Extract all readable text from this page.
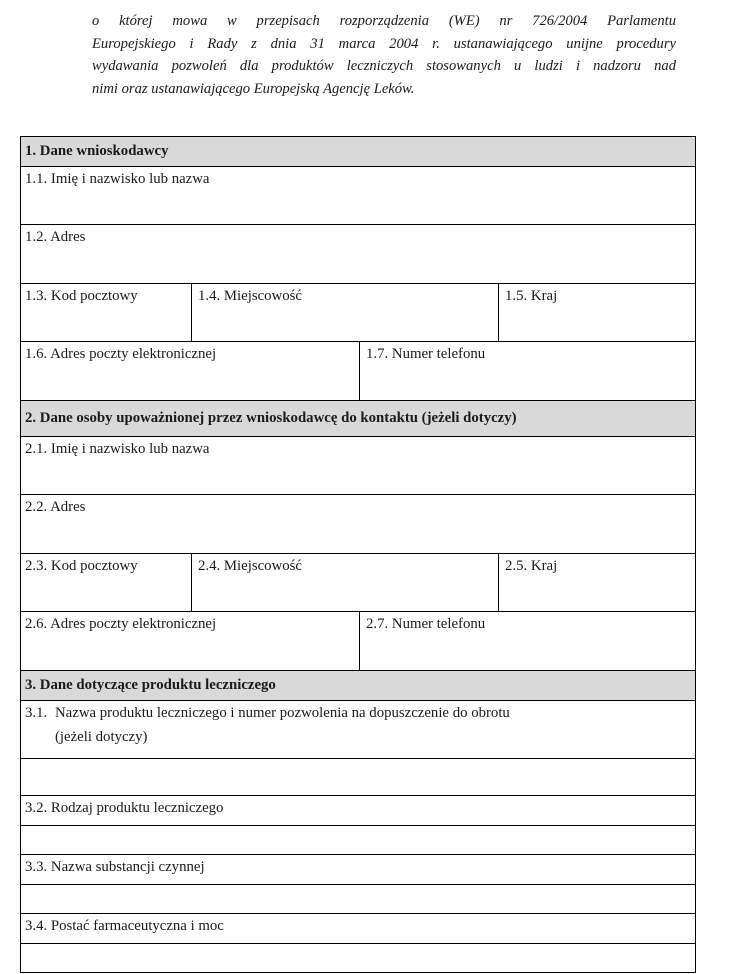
o której mowa w przepisach rozporządzenia (WE) nr 726/2004 Parlamentu
Europejskiego i Rady z dnia 31 marca 2004 r. ustanawiającego unijne procedury
wydawania pozwoleń dla produktów leczniczych stosowanych u ludzi i nadzoru nad
nimi oraz ustanawiającego Europejską Agencję Leków.

1. Dane wnioskodawcy
1.1. Imię i nazwisko lub nazwa
1.2. Adres
1.3. Kod pocztowy	1.4. Miejscowość	1.5. Kraj
1.6. Adres poczty elektronicznej	1.7. Numer telefonu
2. Dane osoby upoważnionej przez wnioskodawcę do kontaktu (jeżeli dotyczy)
2.1. Imię i nazwisko lub nazwa
2.2. Adres
2.3. Kod pocztowy	2.4. Miejscowość	2.5. Kraj
2.6. Adres poczty elektronicznej	2.7. Numer telefonu
3. Dane dotyczące produktu leczniczego
3.1. Nazwa produktu leczniczego i numer pozwolenia na dopuszczenie do obrotu
(jeżeli dotyczy)
3.2. Rodzaj produktu leczniczego
3.3. Nazwa substancji czynnej
3.4. Postać farmaceutyczna i moc
